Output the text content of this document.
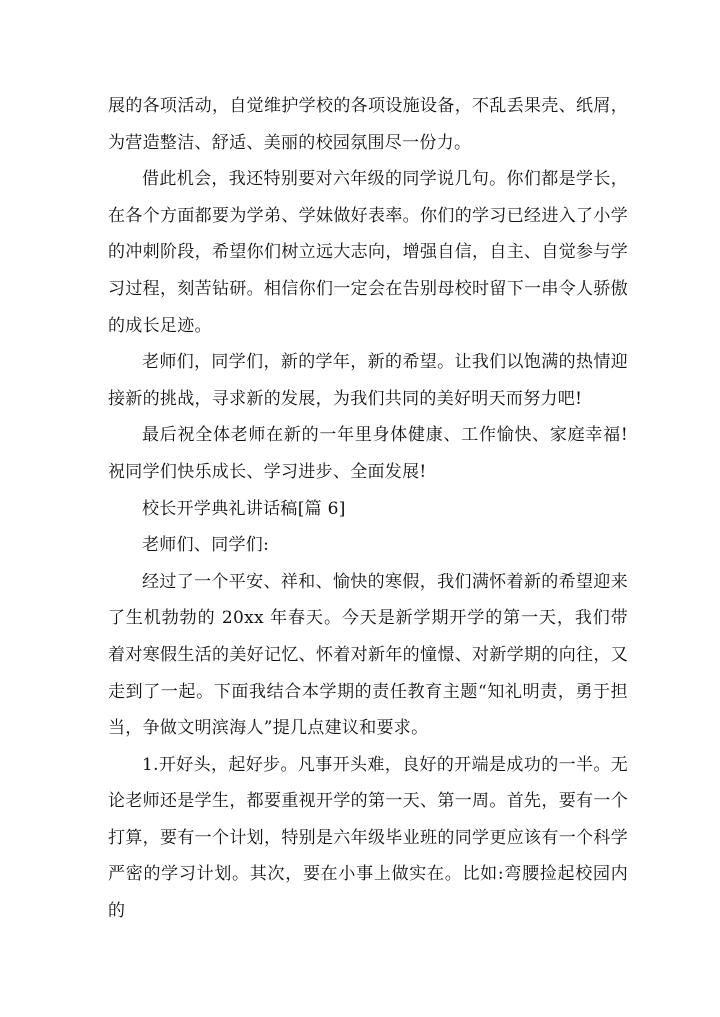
展的各项活动，自觉维护学校的各项设施设备，不乱丢果壳、纸屑，为营造整洁、舒适、美丽的校园氛围尽一份力。

借此机会，我还特别要对六年级的同学说几句。你们都是学长，在各个方面都要为学弟、学妹做好表率。你们的学习已经进入了小学的冲刺阶段，希望你们树立远大志向，增强自信，自主、自觉参与学习过程，刻苦钻研。相信你们一定会在告别母校时留下一串令人骄傲的成长足迹。

老师们，同学们，新的学年，新的希望。让我们以饱满的热情迎接新的挑战，寻求新的发展，为我们共同的美好明天而努力吧!

最后祝全体老师在新的一年里身体健康、工作愉快、家庭幸福!祝同学们快乐成长、学习进步、全面发展!

校长开学典礼讲话稿[篇 6]

老师们、同学们:

经过了一个平安、祥和、愉快的寒假，我们满怀着新的希望迎来了生机勃勃的 20xx 年春天。今天是新学期开学的第一天，我们带着对寒假生活的美好记忆、怀着对新年的憧憬、对新学期的向往，又走到了一起。下面我结合本学期的责任教育主题“知礼明责，勇于担当，争做文明滨海人”提几点建议和要求。

1.开好头，起好步。凡事开头难，良好的开端是成功的一半。无论老师还是学生，都要重视开学的第一天、第一周。首先，要有一个打算，要有一个计划，特别是六年级毕业班的同学更应该有一个科学严密的学习计划。其次，要在小事上做实在。比如:弯腰捡起校园内的
